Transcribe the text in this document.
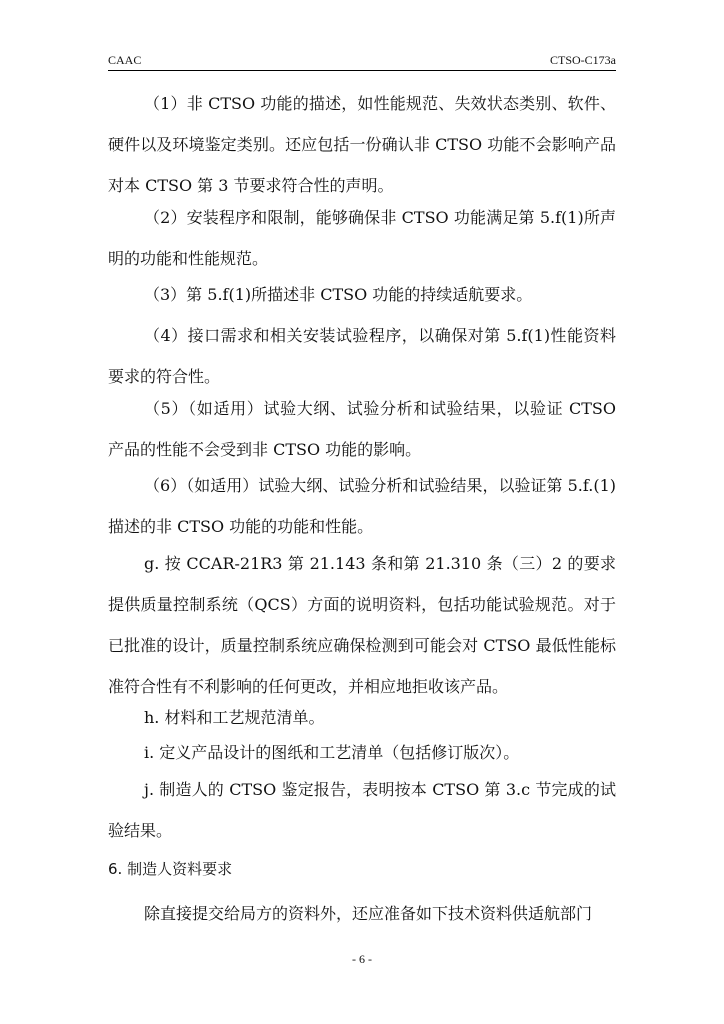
CAAC	CTSO-C173a
（1）非 CTSO 功能的描述，如性能规范、失效状态类别、软件、硬件以及环境鉴定类别。还应包括一份确认非 CTSO 功能不会影响产品对本 CTSO 第 3 节要求符合性的声明。
（2）安装程序和限制，能够确保非 CTSO 功能满足第 5.f(1)所声明的功能和性能规范。
（3）第 5.f(1)所描述非 CTSO 功能的持续适航要求。
（4）接口需求和相关安装试验程序，以确保对第 5.f(1)性能资料要求的符合性。
（5）（如适用）试验大纲、试验分析和试验结果，以验证 CTSO 产品的性能不会受到非 CTSO 功能的影响。
（6）（如适用）试验大纲、试验分析和试验结果，以验证第 5.f.(1)描述的非 CTSO 功能的功能和性能。
g. 按 CCAR-21R3 第 21.143 条和第 21.310 条（三）2 的要求提供质量控制系统（QCS）方面的说明资料，包括功能试验规范。对于已批准的设计，质量控制系统应确保检测到可能会对 CTSO 最低性能标准符合性有不利影响的任何更改，并相应地拒收该产品。
h. 材料和工艺规范清单。
i. 定义产品设计的图纸和工艺清单（包括修订版次）。
j. 制造人的 CTSO 鉴定报告，表明按本 CTSO 第 3.c 节完成的试验结果。
6. 制造人资料要求
除直接提交给局方的资料外，还应准备如下技术资料供适航部门
- 6 -
